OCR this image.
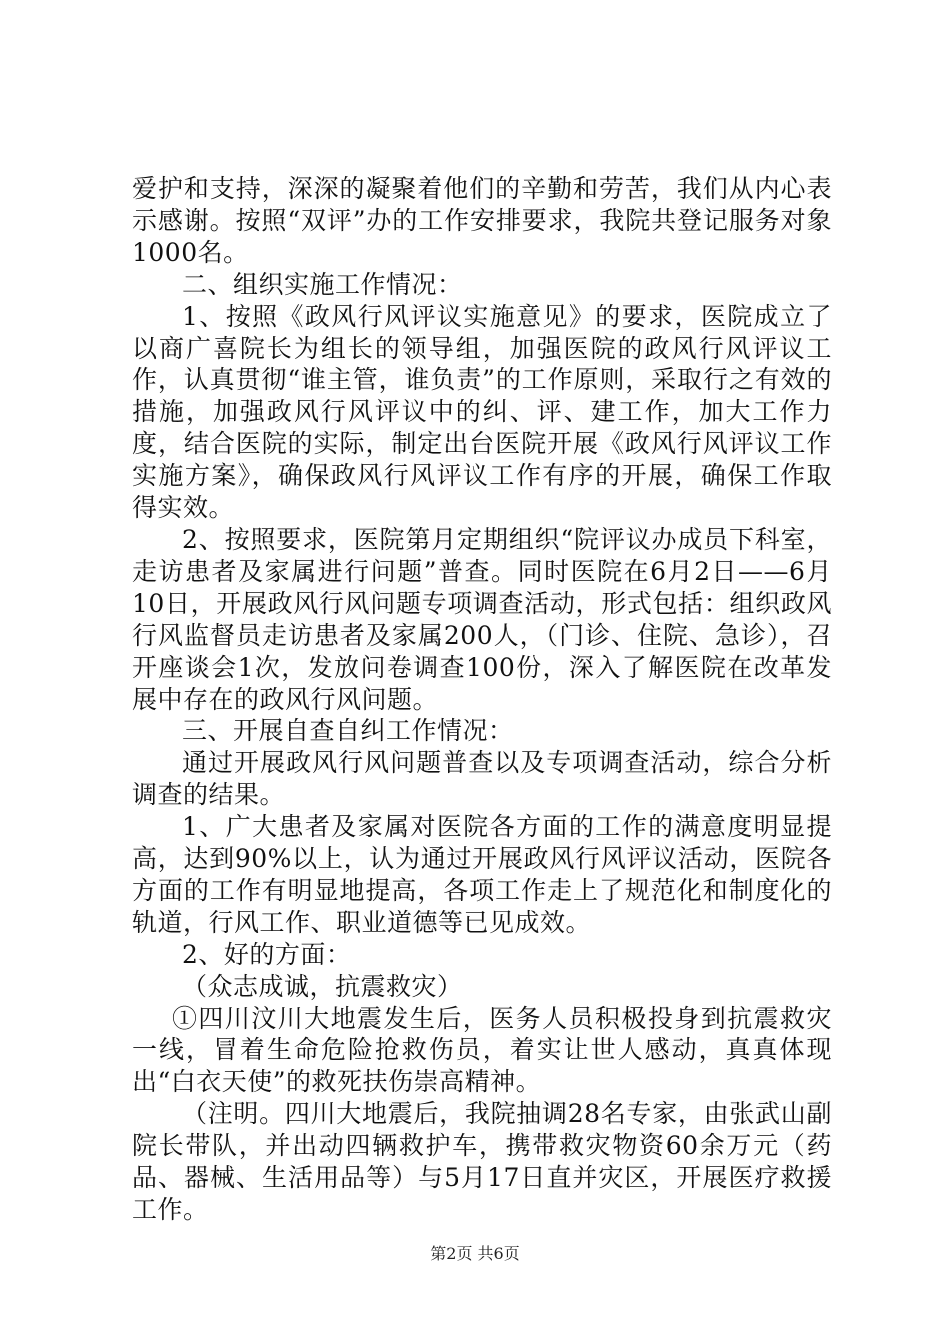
爱护和支持，深深的凝聚着他们的辛勤和劳苦，我们从内心表示感谢。按照“双评”办的工作安排要求，我院共登记服务对象1000名。

二、组织实施工作情况：

1、按照《政风行风评议实施意见》的要求，医院成立了以商广喜院长为组长的领导组，加强医院的政风行风评议工作，认真贯彻“谁主管，谁负责”的工作原则，采取行之有效的措施，加强政风行风评议中的纠、评、建工作，加大工作力度，结合医院的实际，制定出台医院开展《政风行风评议工作实施方案》，确保政风行风评议工作有序的开展，确保工作取得实效。

2、按照要求，医院第月定期组织“院评议办成员下科室，走访患者及家属进行问题”普查。同时医院在6月2日——6月10日，开展政风行风问题专项调查活动，形式包括：组织政风行风监督员走访患者及家属200人，（门诊、住院、急诊），召开座谈会1次，发放问卷调查100份，深入了解医院在改革发展中存在的政风行风问题。

三、开展自查自纠工作情况：

通过开展政风行风问题普查以及专项调查活动，综合分析调查的结果。

1、广大患者及家属对医院各方面的工作的满意度明显提高，达到90%以上，认为通过开展政风行风评议活动，医院各方面的工作有明显地提高，各项工作走上了规范化和制度化的轨道，行风工作、职业道德等已见成效。

2、好的方面：

（众志成诚，抗震救灾）

①四川汶川大地震发生后，医务人员积极投身到抗震救灾一线，冒着生命危险抢救伤员，着实让世人感动，真真体现出“白衣天使”的救死扶伤崇高精神。

（注明。四川大地震后，我院抽调28名专家，由张武山副院长带队，并出动四辆救护车，携带救灾物资60余万元（药品、器械、生活用品等）与5月17日直并灾区，开展医疗救援工作。

第2页 共6页
